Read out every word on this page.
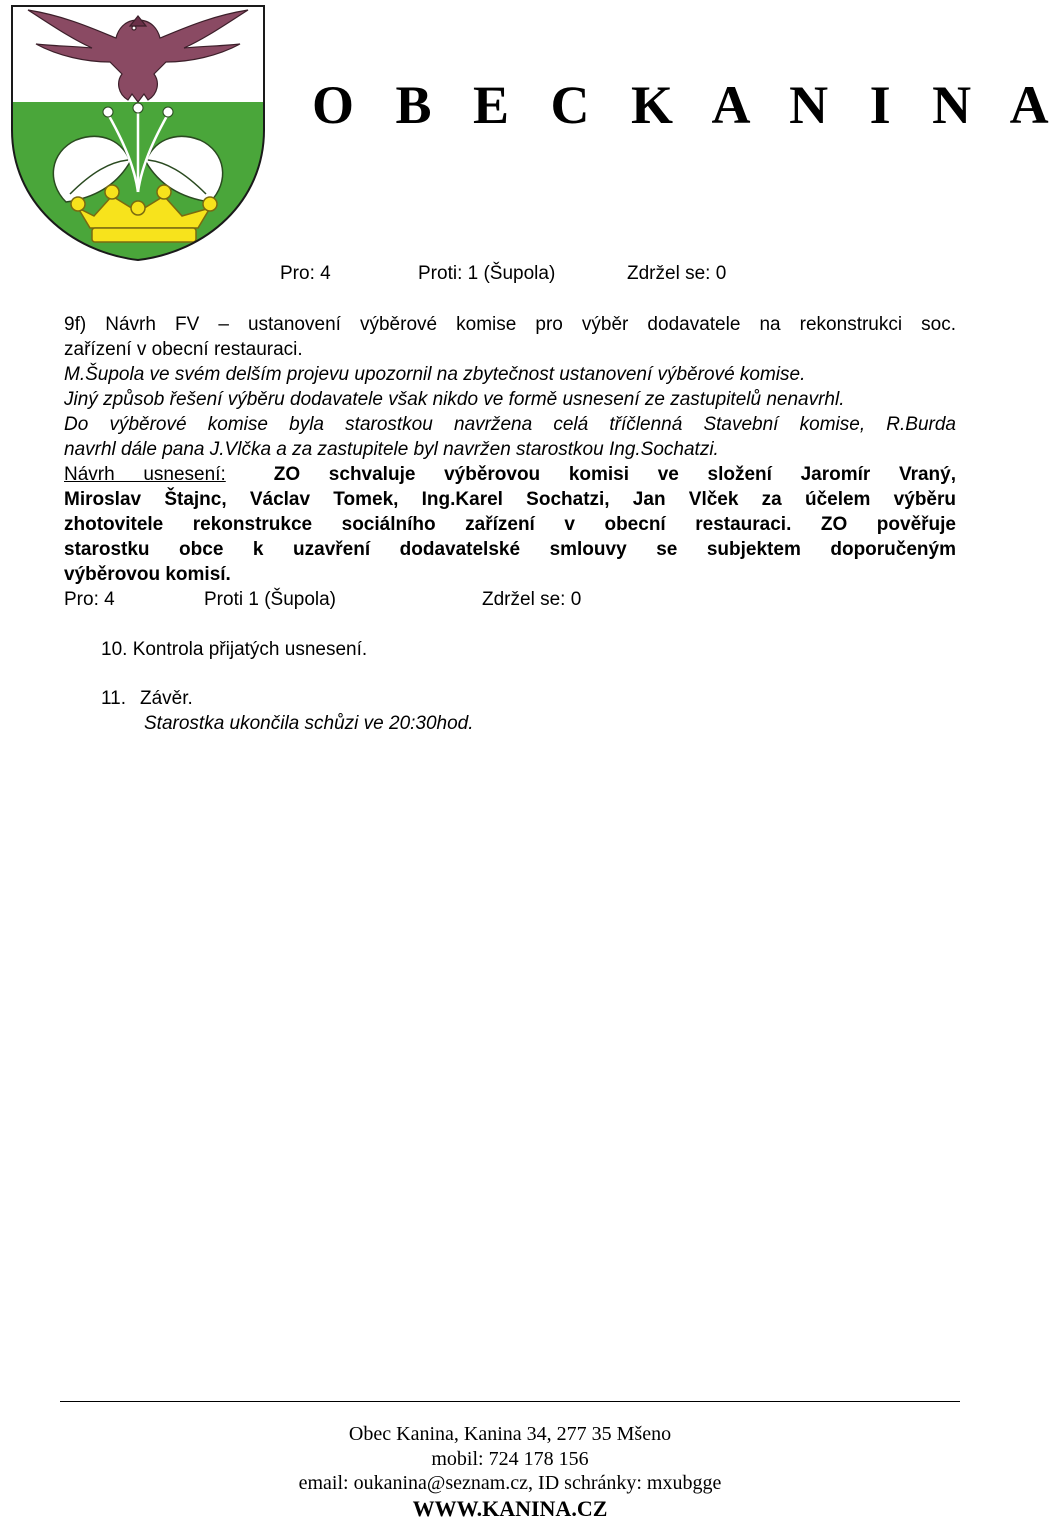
O B E C K A N I N A
Pro: 4	Proti: 1 (Šupola)	Zdržel se: 0

9f) Návrh FV – ustanovení výběrové komise pro výběr dodavatele na rekonstrukci soc.

zařízení v obecní restauraci.

M.Šupola ve svém delším projevu upozornil na zbytečnost ustanovení výběrové komise.

Jiný způsob řešení výběru dodavatele však nikdo ve formě usnesení ze zastupitelů nenavrhl.

Do výběrové komise byla starostkou navržena celá tříčlenná Stavební komise, R.Burda

navrhl dále pana J.Vlčka a za zastupitele byl navržen starostkou Ing.Sochatzi.

Návrh usnesení:	ZO schvaluje výběrovou komisi ve složení Jaromír Vraný,

Miroslav Štajnc, Václav Tomek, Ing.Karel Sochatzi, Jan Vlček za účelem výběru

zhotovitele rekonstrukce sociálního zařízení v obecní restauraci. ZO pověřuje

starostku obce k uzavření dodavatelské smlouvy se subjektem doporučeným

výběrovou komisí.

Pro: 4	Proti 1 (Šupola)	Zdržel se: 0
10. Kontrola přijatých usnesení.
11. Závěr.
Starostka ukončila schůzi ve 20:30hod.
Obec Kanina, Kanina 34, 277 35 Mšeno
mobil: 724 178 156
email: oukanina@seznam.cz, ID schránky: mxubgge
WWW.KANINA.CZ
